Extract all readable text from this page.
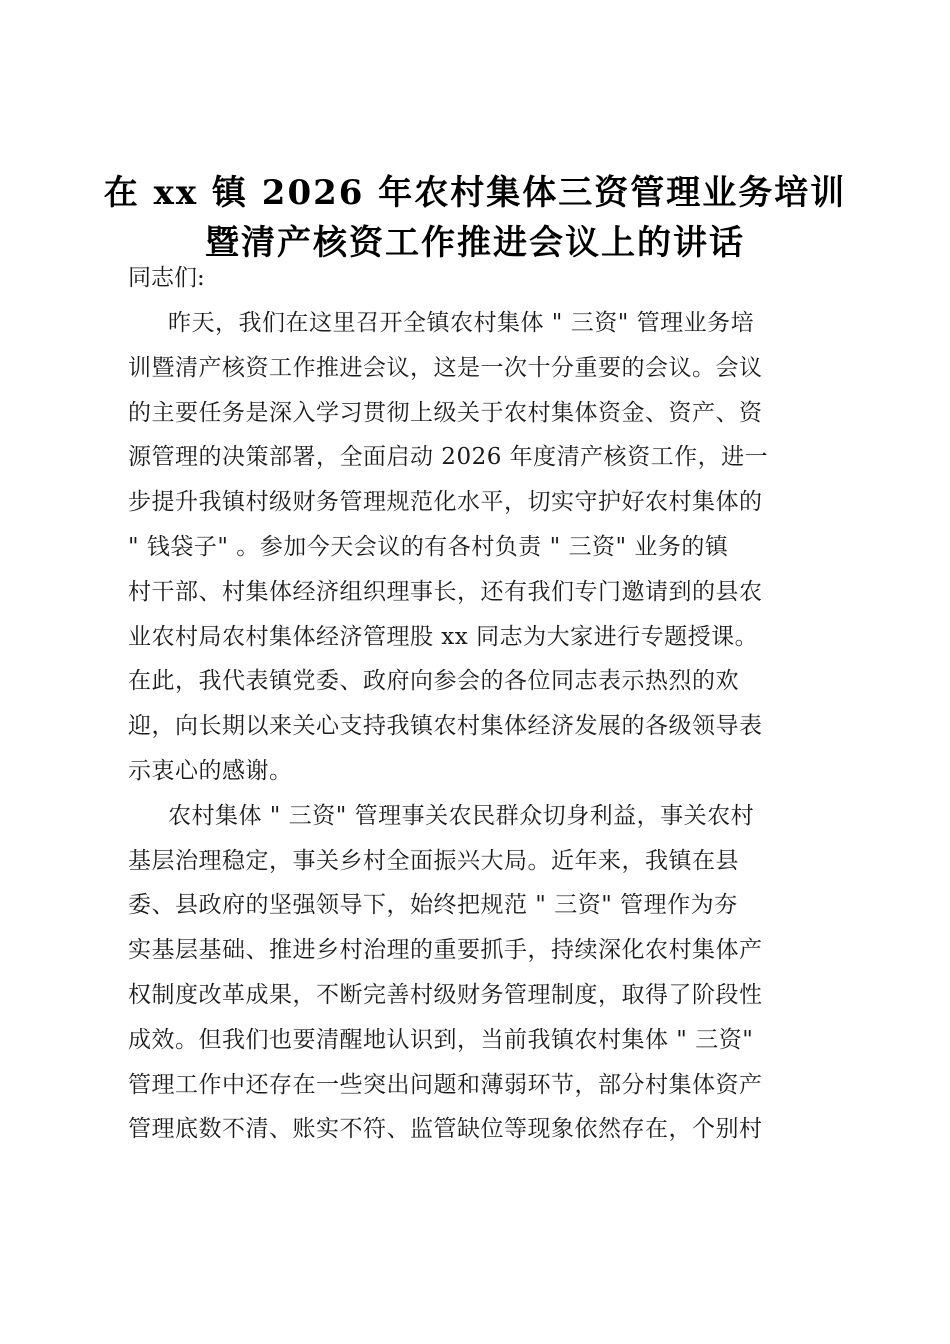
在 xx 镇 2026 年农村集体三资管理业务培训
暨清产核资工作推进会议上的讲话

同志们:

昨天，我们在这里召开全镇农村集体 " 三资" 管理业务培
训暨清产核资工作推进会议，这是一次十分重要的会议。会议
的主要任务是深入学习贯彻上级关于农村集体资金、资产、资
源管理的决策部署，全面启动 2026 年度清产核资工作，进一
步提升我镇村级财务管理规范化水平，切实守护好农村集体的
" 钱袋子" 。参加今天会议的有各村负责 " 三资" 业务的镇
村干部、村集体经济组织理事长，还有我们专门邀请到的县农
业农村局农村集体经济管理股 xx 同志为大家进行专题授课。
在此，我代表镇党委、政府向参会的各位同志表示热烈的欢
迎，向长期以来关心支持我镇农村集体经济发展的各级领导表
示衷心的感谢。
农村集体 " 三资" 管理事关农民群众切身利益，事关农村
基层治理稳定，事关乡村全面振兴大局。近年来，我镇在县
委、县政府的坚强领导下，始终把规范 " 三资" 管理作为夯
实基层基础、推进乡村治理的重要抓手，持续深化农村集体产
权制度改革成果，不断完善村级财务管理制度，取得了阶段性
成效。但我们也要清醒地认识到，当前我镇农村集体 " 三资"
管理工作中还存在一些突出问题和薄弱环节，部分村集体资产
管理底数不清、账实不符、监管缺位等现象依然存在，个别村
